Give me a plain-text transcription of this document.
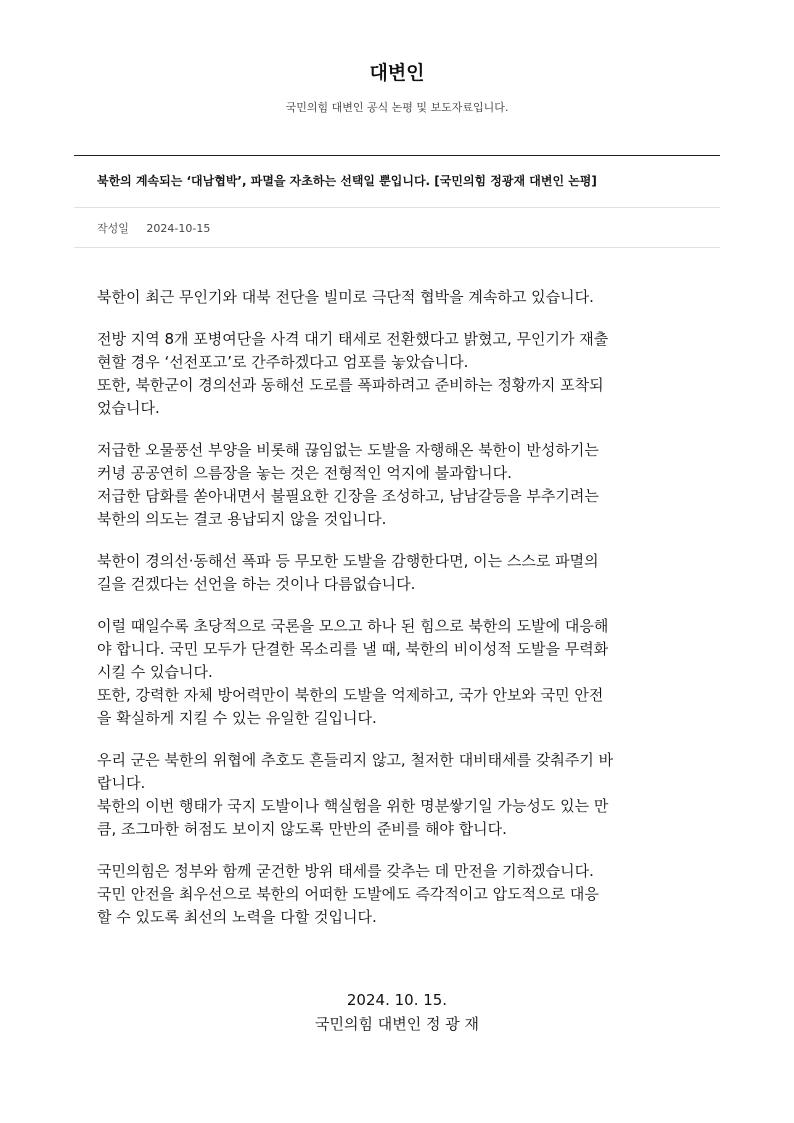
대변인
국민의힘 대변인 공식 논평 및 보도자료입니다.
북한의 계속되는 ‘대남협박’, 파멸을 자초하는 선택일 뿐입니다. [국민의힘 정광재 대변인 논평]
작성일 2024-10-15

북한이 최근 무인기와 대북 전단을 빌미로 극단적 협박을 계속하고 있습니다.

전방 지역 8개 포병여단을 사격 대기 태세로 전환했다고 밝혔고, 무인기가 재출
현할 경우 ‘선전포고’로 간주하겠다고 엄포를 놓았습니다.
또한, 북한군이 경의선과 동해선 도로를 폭파하려고 준비하는 정황까지 포착되
었습니다.

저급한 오물풍선 부양을 비롯해 끊임없는 도발을 자행해온 북한이 반성하기는
커녕 공공연히 으름장을 놓는 것은 전형적인 억지에 불과합니다.
저급한 담화를 쏟아내면서 불필요한 긴장을 조성하고, 남남갈등을 부추기려는
북한의 의도는 결코 용납되지 않을 것입니다.

북한이 경의선·동해선 폭파 등 무모한 도발을 감행한다면, 이는 스스로 파멸의
길을 걷겠다는 선언을 하는 것이나 다름없습니다.

이럴 때일수록 초당적으로 국론을 모으고 하나 된 힘으로 북한의 도발에 대응해
야 합니다. 국민 모두가 단결한 목소리를 낼 때, 북한의 비이성적 도발을 무력화
시킬 수 있습니다.
또한, 강력한 자체 방어력만이 북한의 도발을 억제하고, 국가 안보와 국민 안전
을 확실하게 지킬 수 있는 유일한 길입니다.

우리 군은 북한의 위협에 추호도 흔들리지 않고, 철저한 대비태세를 갖춰주기 바
랍니다.
북한의 이번 행태가 국지 도발이나 핵실험을 위한 명분쌓기일 가능성도 있는 만
큼, 조그마한 허점도 보이지 않도록 만반의 준비를 해야 합니다.

국민의힘은 정부와 함께 굳건한 방위 태세를 갖추는 데 만전을 기하겠습니다.
국민 안전을 최우선으로 북한의 어떠한 도발에도 즉각적이고 압도적으로 대응
할 수 있도록 최선의 노력을 다할 것입니다.

2024. 10. 15.
국민의힘 대변인 정 광 재
